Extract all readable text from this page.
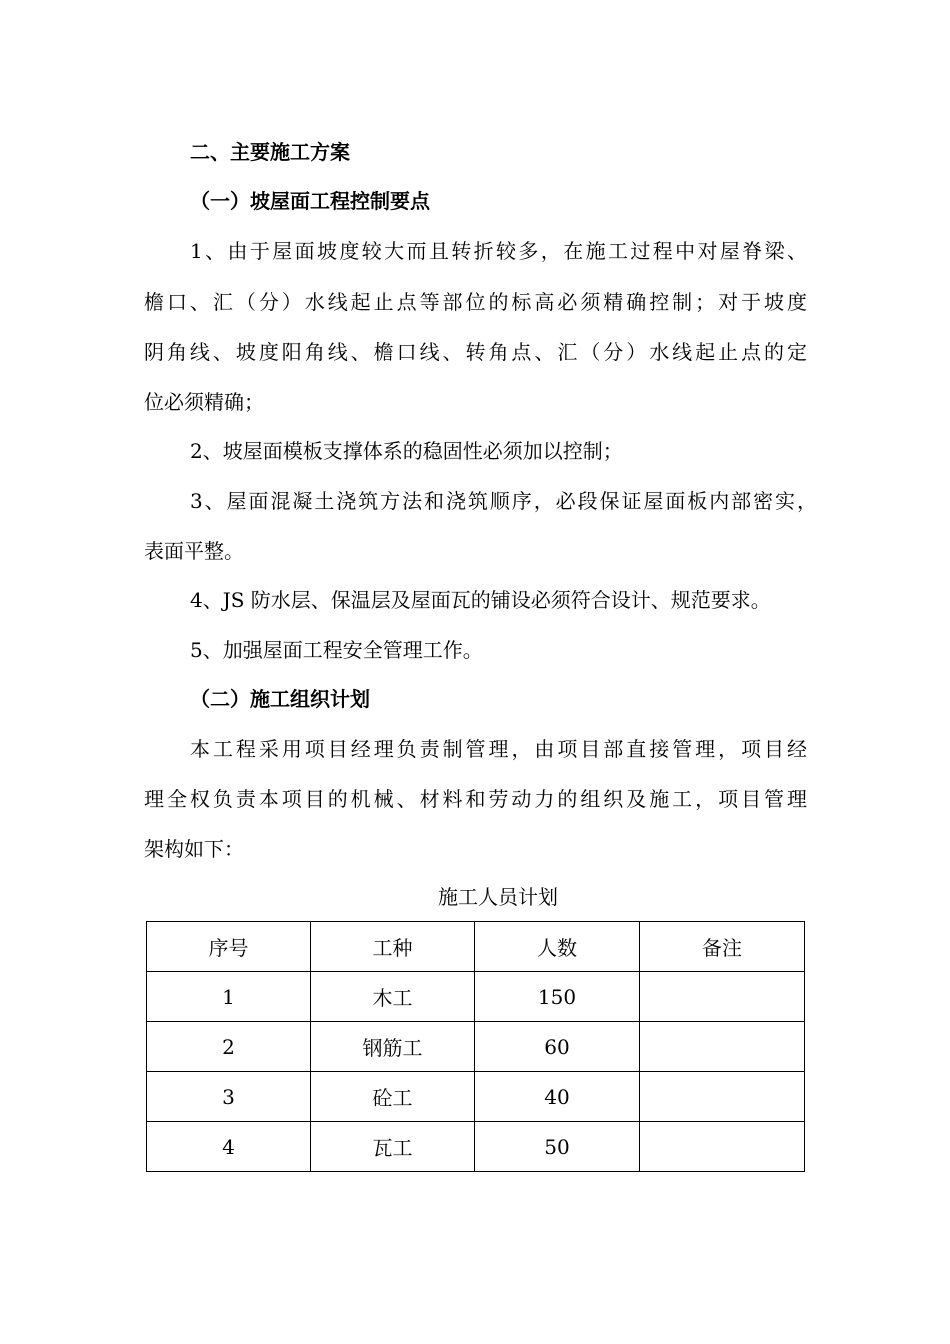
二、主要施工方案
（一）坡屋面工程控制要点
1、由于屋面坡度较大而且转折较多，在施工过程中对屋脊梁、
檐口、汇（分）水线起止点等部位的标高必须精确控制；对于坡度
阴角线、坡度阳角线、檐口线、转角点、汇（分）水线起止点的定
位必须精确；
2、坡屋面模板支撑体系的稳固性必须加以控制；
3、屋面混凝土浇筑方法和浇筑顺序，必段保证屋面板内部密实，
表面平整。
4、JS 防水层、保温层及屋面瓦的铺设必须符合设计、规范要求。
5、加强屋面工程安全管理工作。
（二）施工组织计划
本工程采用项目经理负责制管理，由项目部直接管理，项目经
理全权负责本项目的机械、材料和劳动力的组织及施工，项目管理
架构如下：
施工人员计划
序号	工种	人数	备注
1	木工	150	
2	钢筋工	60	
3	砼工	40	
4	瓦工	50	
